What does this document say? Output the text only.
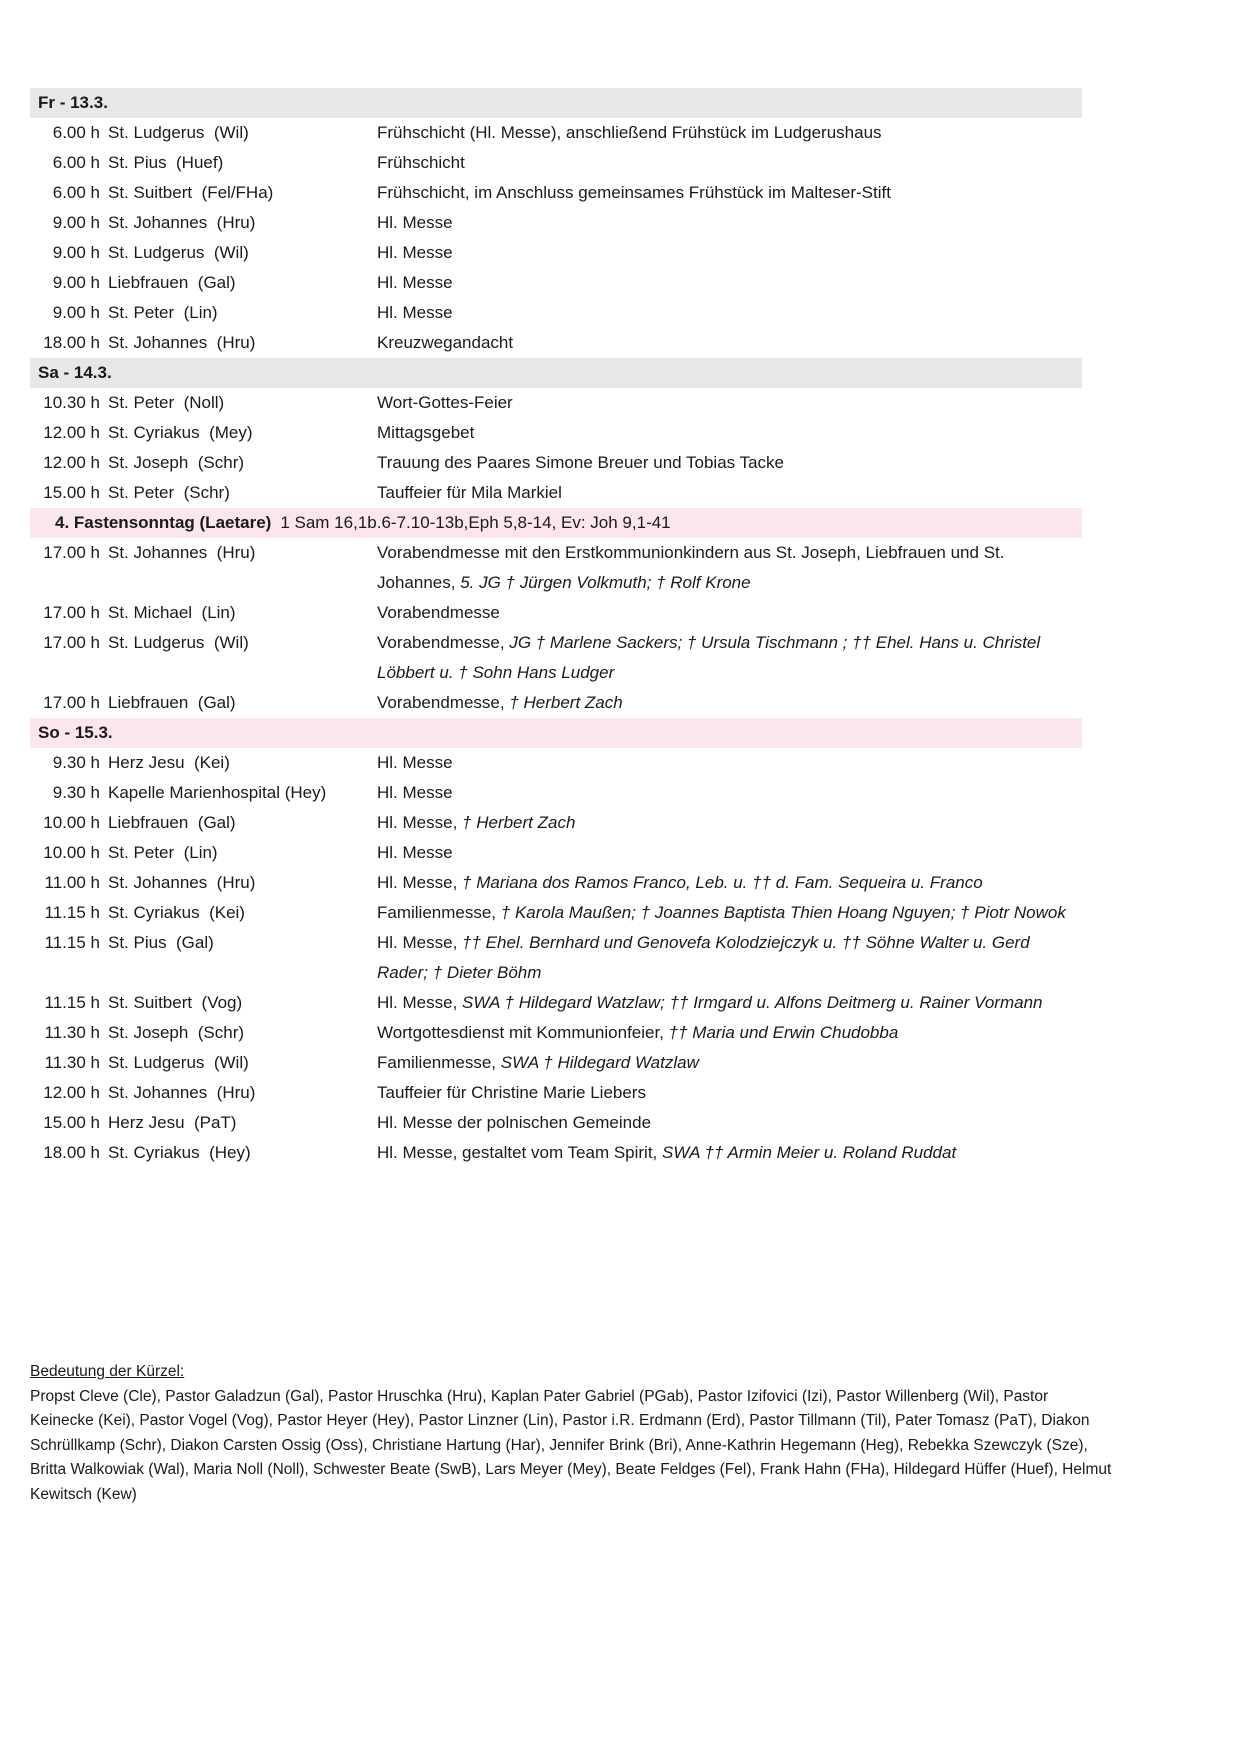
Fr - 13.3.
6.00 h St. Ludgerus  (Wil)	Frühschicht (Hl. Messe), anschließend Frühstück im Ludgerushaus
6.00 h St. Pius  (Huef)	Frühschicht
6.00 h St. Suitbert  (Fel/FHa)	Frühschicht, im Anschluss gemeinsames Frühstück im Malteser-Stift
9.00 h St. Johannes  (Hru)	Hl. Messe
9.00 h St. Ludgerus  (Wil)	Hl. Messe
9.00 h Liebfrauen  (Gal)	Hl. Messe
9.00 h St. Peter  (Lin)	Hl. Messe
18.00 h St. Johannes  (Hru)	Kreuzwegandacht
Sa - 14.3.
10.30 h St. Peter  (Noll)	Wort-Gottes-Feier
12.00 h St. Cyriakus  (Mey)	Mittagsgebet
12.00 h St. Joseph  (Schr)	Trauung des Paares Simone Breuer und Tobias Tacke
15.00 h St. Peter  (Schr)	Tauffeier für Mila Markiel
4. Fastensonntag (Laetare) 1 Sam 16,1b.6-7.10-13b,Eph 5,8-14, Ev: Joh 9,1-41
17.00 h St. Johannes  (Hru)	Vorabendmesse mit den Erstkommunionkindern aus St. Joseph, Liebfrauen und St. Johannes, 5. JG † Jürgen Volkmuth; † Rolf Krone
17.00 h St. Michael  (Lin)	Vorabendmesse
17.00 h St. Ludgerus  (Wil)	Vorabendmesse, JG † Marlene Sackers; † Ursula Tischmann ; †† Ehel. Hans u. Christel Löbbert u. † Sohn Hans Ludger
17.00 h Liebfrauen  (Gal)	Vorabendmesse, † Herbert Zach
So - 15.3.
9.30 h Herz Jesu  (Kei)	Hl. Messe
9.30 h Kapelle Marienhospital (Hey)	Hl. Messe
10.00 h Liebfrauen  (Gal)	Hl. Messe, † Herbert Zach
10.00 h St. Peter  (Lin)	Hl. Messe
11.00 h St. Johannes  (Hru)	Hl. Messe, † Mariana dos Ramos Franco, Leb. u. †† d. Fam. Sequeira u. Franco
11.15 h St. Cyriakus  (Kei)	Familienmesse, † Karola Maußen; † Joannes Baptista Thien Hoang Nguyen; † Piotr Nowok
11.15 h St. Pius  (Gal)	Hl. Messe, †† Ehel. Bernhard und Genovefa Kolodziejczyk u. †† Söhne Walter u. Gerd Rader; † Dieter Böhm
11.15 h St. Suitbert  (Vog)	Hl. Messe, SWA † Hildegard Watzlaw; †† Irmgard u. Alfons Deitmerg u. Rainer Vormann
11.30 h St. Joseph  (Schr)	Wortgottesdienst mit Kommunionfeier, †† Maria und Erwin Chudobba
11.30 h St. Ludgerus  (Wil)	Familienmesse, SWA † Hildegard Watzlaw
12.00 h St. Johannes  (Hru)	Tauffeier für Christine Marie Liebers
15.00 h Herz Jesu  (PaT)	Hl. Messe der polnischen Gemeinde
18.00 h St. Cyriakus  (Hey)	Hl. Messe, gestaltet vom Team Spirit, SWA †† Armin Meier u. Roland Ruddat

Bedeutung der Kürzel:

Propst Cleve (Cle), Pastor Galadzun (Gal), Pastor Hruschka (Hru), Kaplan Pater Gabriel (PGab), Pastor Izifovici (Izi), Pastor Willenberg (Wil), Pastor Keinecke (Kei), Pastor Vogel (Vog), Pastor Heyer (Hey), Pastor Linzner (Lin), Pastor i.R. Erdmann (Erd), Pastor Tillmann (Til), Pater Tomasz (PaT), Diakon Schrüllkamp (Schr), Diakon Carsten Ossig (Oss), Christiane Hartung (Har), Jennifer Brink (Bri), Anne-Kathrin Hegemann (Heg), Rebekka Szewczyk (Sze), Britta Walkowiak (Wal), Maria Noll (Noll), Schwester Beate (SwB), Lars Meyer (Mey), Beate Feldges (Fel), Frank Hahn (FHa), Hildegard Hüffer (Huef), Helmut Kewitsch (Kew)
